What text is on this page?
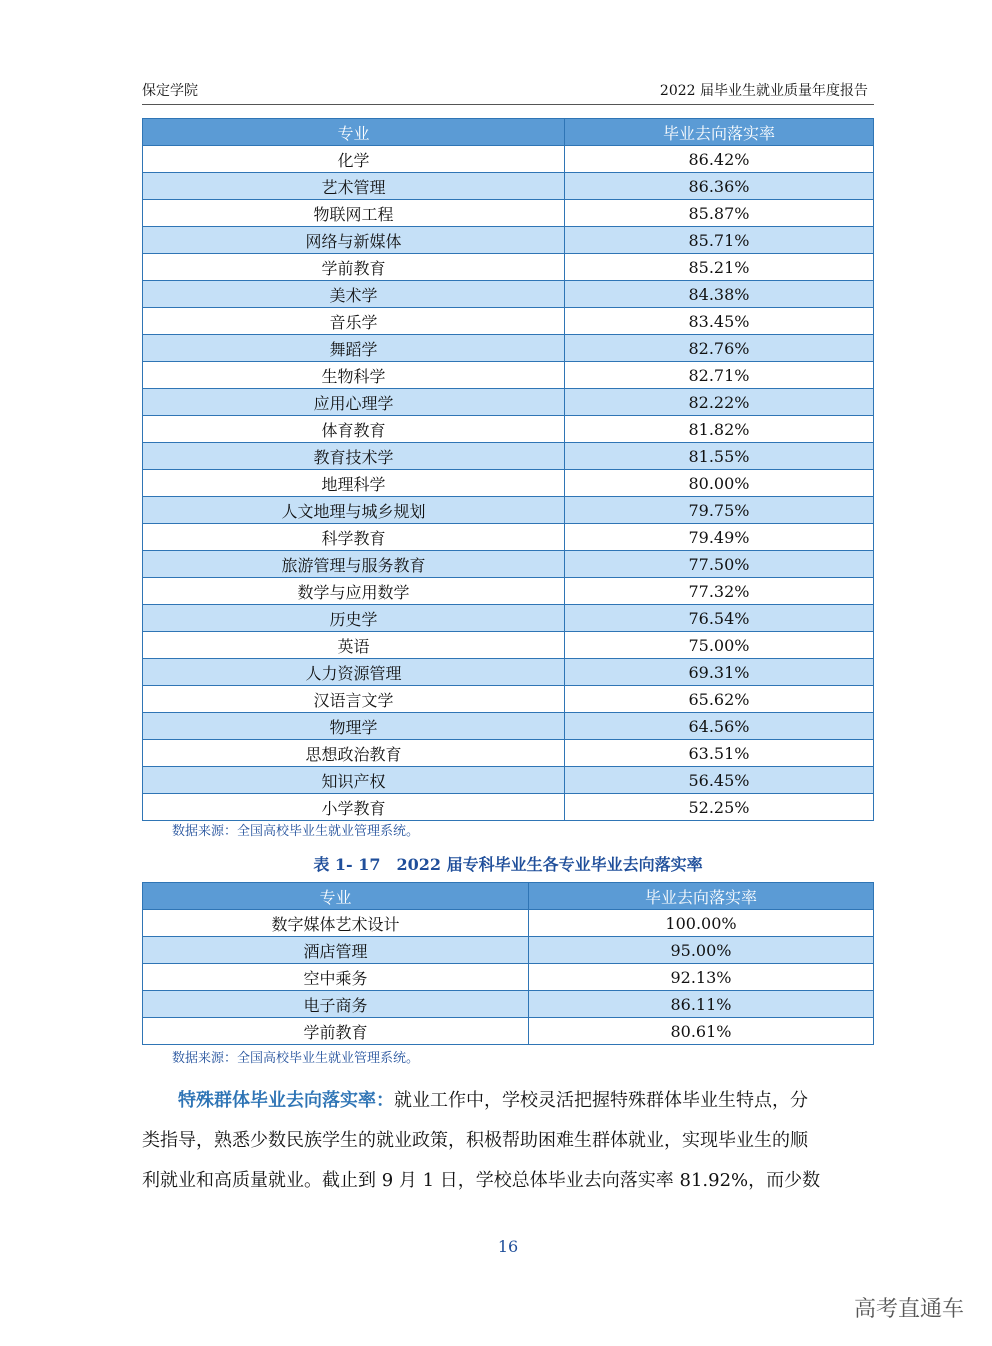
保定学院	2022 届毕业生就业质量年度报告
专业	毕业去向落实率
化学	86.42%
艺术管理	86.36%
物联网工程	85.87%
网络与新媒体	85.71%
学前教育	85.21%
美术学	84.38%
音乐学	83.45%
舞蹈学	82.76%
生物科学	82.71%
应用心理学	82.22%
体育教育	81.82%
教育技术学	81.55%
地理科学	80.00%
人文地理与城乡规划	79.75%
科学教育	79.49%
旅游管理与服务教育	77.50%
数学与应用数学	77.32%
历史学	76.54%
英语	75.00%
人力资源管理	69.31%
汉语言文学	65.62%
物理学	64.56%
思想政治教育	63.51%
知识产权	56.45%
小学教育	52.25%
数据来源：全国高校毕业生就业管理系统。
表 1- 17　2022 届专科毕业生各专业毕业去向落实率
专业	毕业去向落实率
数字媒体艺术设计	100.00%
酒店管理	95.00%
空中乘务	92.13%
电子商务	86.11%
学前教育	80.61%
数据来源：全国高校毕业生就业管理系统。
　　特殊群体毕业去向落实率：就业工作中，学校灵活把握特殊群体毕业生特点，分
类指导，熟悉少数民族学生的就业政策，积极帮助困难生群体就业，实现毕业生的顺
利就业和高质量就业。截止到 9 月 1 日，学校总体毕业去向落实率 81.92%，而少数
16
高考直通车
